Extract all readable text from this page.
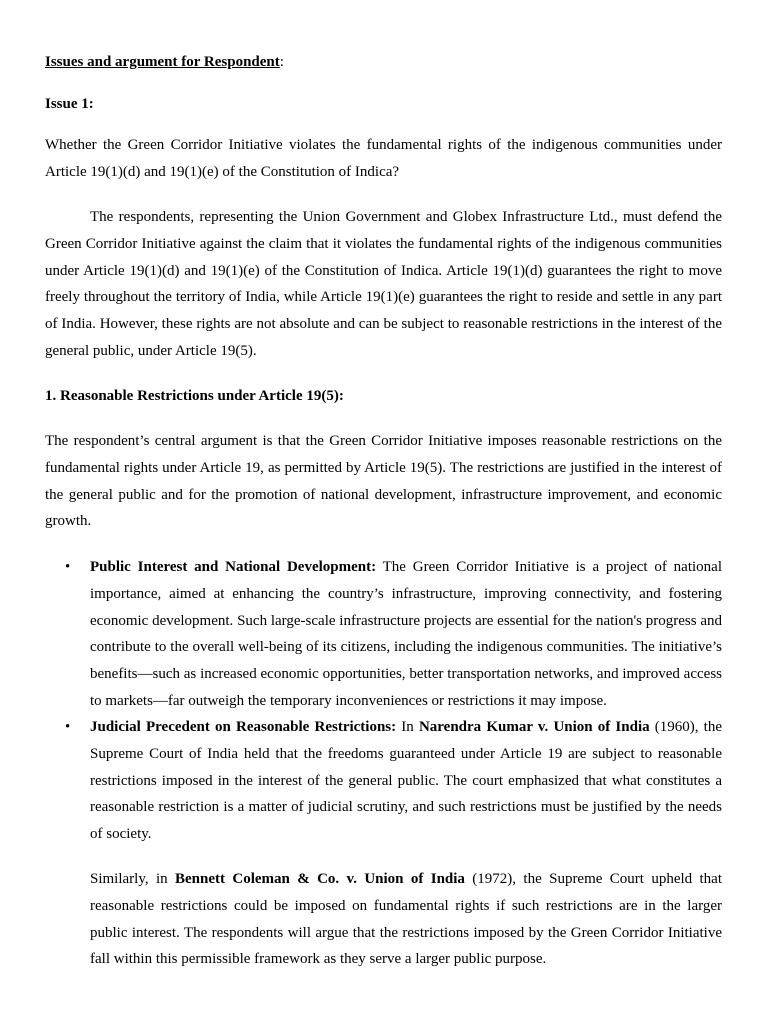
Issues and argument for Respondent:
Issue 1:
Whether the Green Corridor Initiative violates the fundamental rights of the indigenous communities under Article 19(1)(d) and 19(1)(e) of the Constitution of Indica?
The respondents, representing the Union Government and Globex Infrastructure Ltd., must defend the Green Corridor Initiative against the claim that it violates the fundamental rights of the indigenous communities under Article 19(1)(d) and 19(1)(e) of the Constitution of Indica. Article 19(1)(d) guarantees the right to move freely throughout the territory of India, while Article 19(1)(e) guarantees the right to reside and settle in any part of India. However, these rights are not absolute and can be subject to reasonable restrictions in the interest of the general public, under Article 19(5).
1. Reasonable Restrictions under Article 19(5):
The respondent’s central argument is that the Green Corridor Initiative imposes reasonable restrictions on the fundamental rights under Article 19, as permitted by Article 19(5). The restrictions are justified in the interest of the general public and for the promotion of national development, infrastructure improvement, and economic growth.
• Public Interest and National Development: The Green Corridor Initiative is a project of national importance, aimed at enhancing the country’s infrastructure, improving connectivity, and fostering economic development. Such large-scale infrastructure projects are essential for the nation's progress and contribute to the overall well-being of its citizens, including the indigenous communities. The initiative’s benefits—such as increased economic opportunities, better transportation networks, and improved access to markets—far outweigh the temporary inconveniences or restrictions it may impose.
• Judicial Precedent on Reasonable Restrictions: In Narendra Kumar v. Union of India (1960), the Supreme Court of India held that the freedoms guaranteed under Article 19 are subject to reasonable restrictions imposed in the interest of the general public. The court emphasized that what constitutes a reasonable restriction is a matter of judicial scrutiny, and such restrictions must be justified by the needs of society.
Similarly, in Bennett Coleman & Co. v. Union of India (1972), the Supreme Court upheld that reasonable restrictions could be imposed on fundamental rights if such restrictions are in the larger public interest. The respondents will argue that the restrictions imposed by the Green Corridor Initiative fall within this permissible framework as they serve a larger public purpose.
